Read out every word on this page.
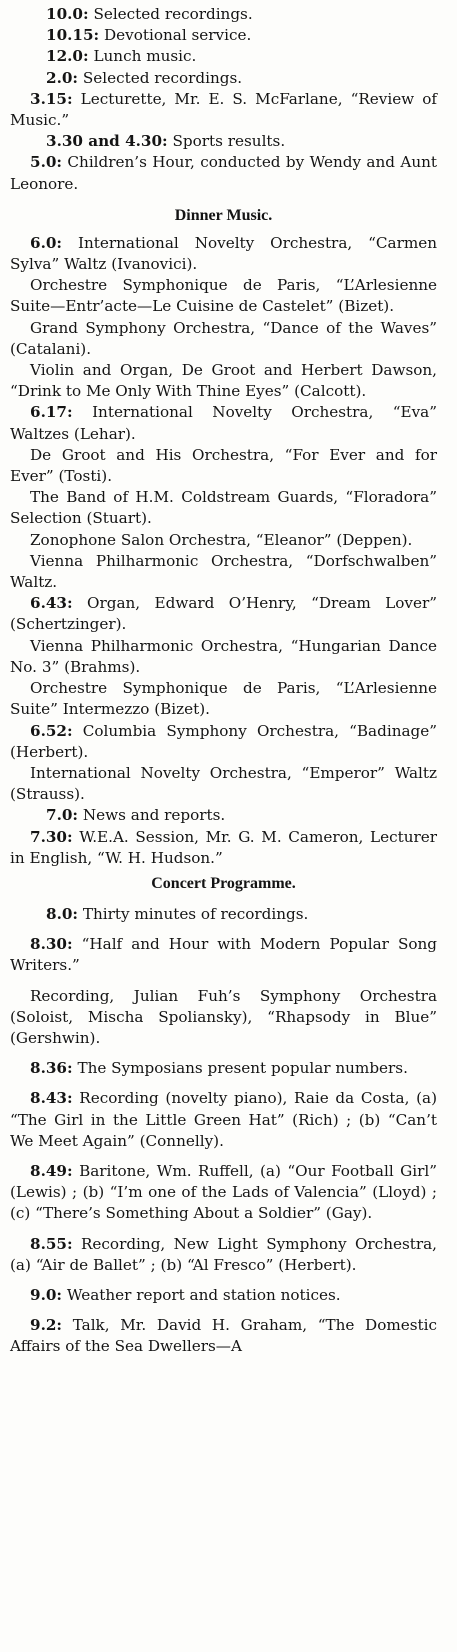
10.0: Selected recordings.

10.15: Devotional service.

12.0: Lunch music.

2.0: Selected recordings.

3.15: Lecturette, Mr. E. S. McFarlane, “Review of Music.”

3.30 and 4.30: Sports results.

5.0: Children’s Hour, conducted by Wendy and Aunt Leonore.

Dinner Music.

6.0: International Novelty Orchestra, “Carmen Sylva” Waltz (Ivanovici).

Orchestre Symphonique de Paris, “L’Arlesienne Suite—Entr’acte—Le Cuisine de Castelet” (Bizet).

Grand Symphony Orchestra, “Dance of the Waves” (Catalani).

Violin and Organ, De Groot and Herbert Dawson, “Drink to Me Only With Thine Eyes” (Calcott).

6.17: International Novelty Orchestra, “Eva” Waltzes (Lehar).

De Groot and His Orchestra, “For Ever and for Ever” (Tosti).

The Band of H.M. Coldstream Guards, “Floradora” Selection (Stuart).

Zonophone Salon Orchestra, “Eleanor” (Deppen).

Vienna Philharmonic Orchestra, “Dorfschwalben” Waltz.

6.43: Organ, Edward O’Henry, “Dream Lover” (Schertzinger).

Vienna Philharmonic Orchestra, “Hungarian Dance No. 3” (Brahms).

Orchestre Symphonique de Paris, “L’Arlesienne Suite” Intermezzo (Bizet).

6.52: Columbia Symphony Orchestra, “Badinage” (Herbert).

International Novelty Orchestra, “Emperor” Waltz (Strauss).

7.0: News and reports.

7.30: W.E.A. Session, Mr. G. M. Cameron, Lecturer in English, “W. H. Hudson.”

Concert Programme.

8.0: Thirty minutes of recordings.

8.30: “Half and Hour with Modern Popular Song Writers.”

Recording, Julian Fuh’s Symphony Orchestra (Soloist, Mischa Spoliansky), “Rhapsody in Blue” (Gershwin).

8.36: The Symposians present popular numbers.

8.43: Recording (novelty piano), Raie da Costa, (a) “The Girl in the Little Green Hat” (Rich) ; (b) “Can’t We Meet Again” (Connelly).

8.49: Baritone, Wm. Ruffell, (a) “Our Football Girl” (Lewis) ; (b) “I’m one of the Lads of Valencia” (Lloyd) ; (c) “There’s Something About a Soldier” (Gay).

8.55: Recording, New Light Symphony Orchestra, (a) “Air de Ballet” ; (b) “Al Fresco” (Herbert).

9.0: Weather report and station notices.

9.2: Talk, Mr. David H. Graham, “The Domestic Affairs of the Sea Dwellers—A
